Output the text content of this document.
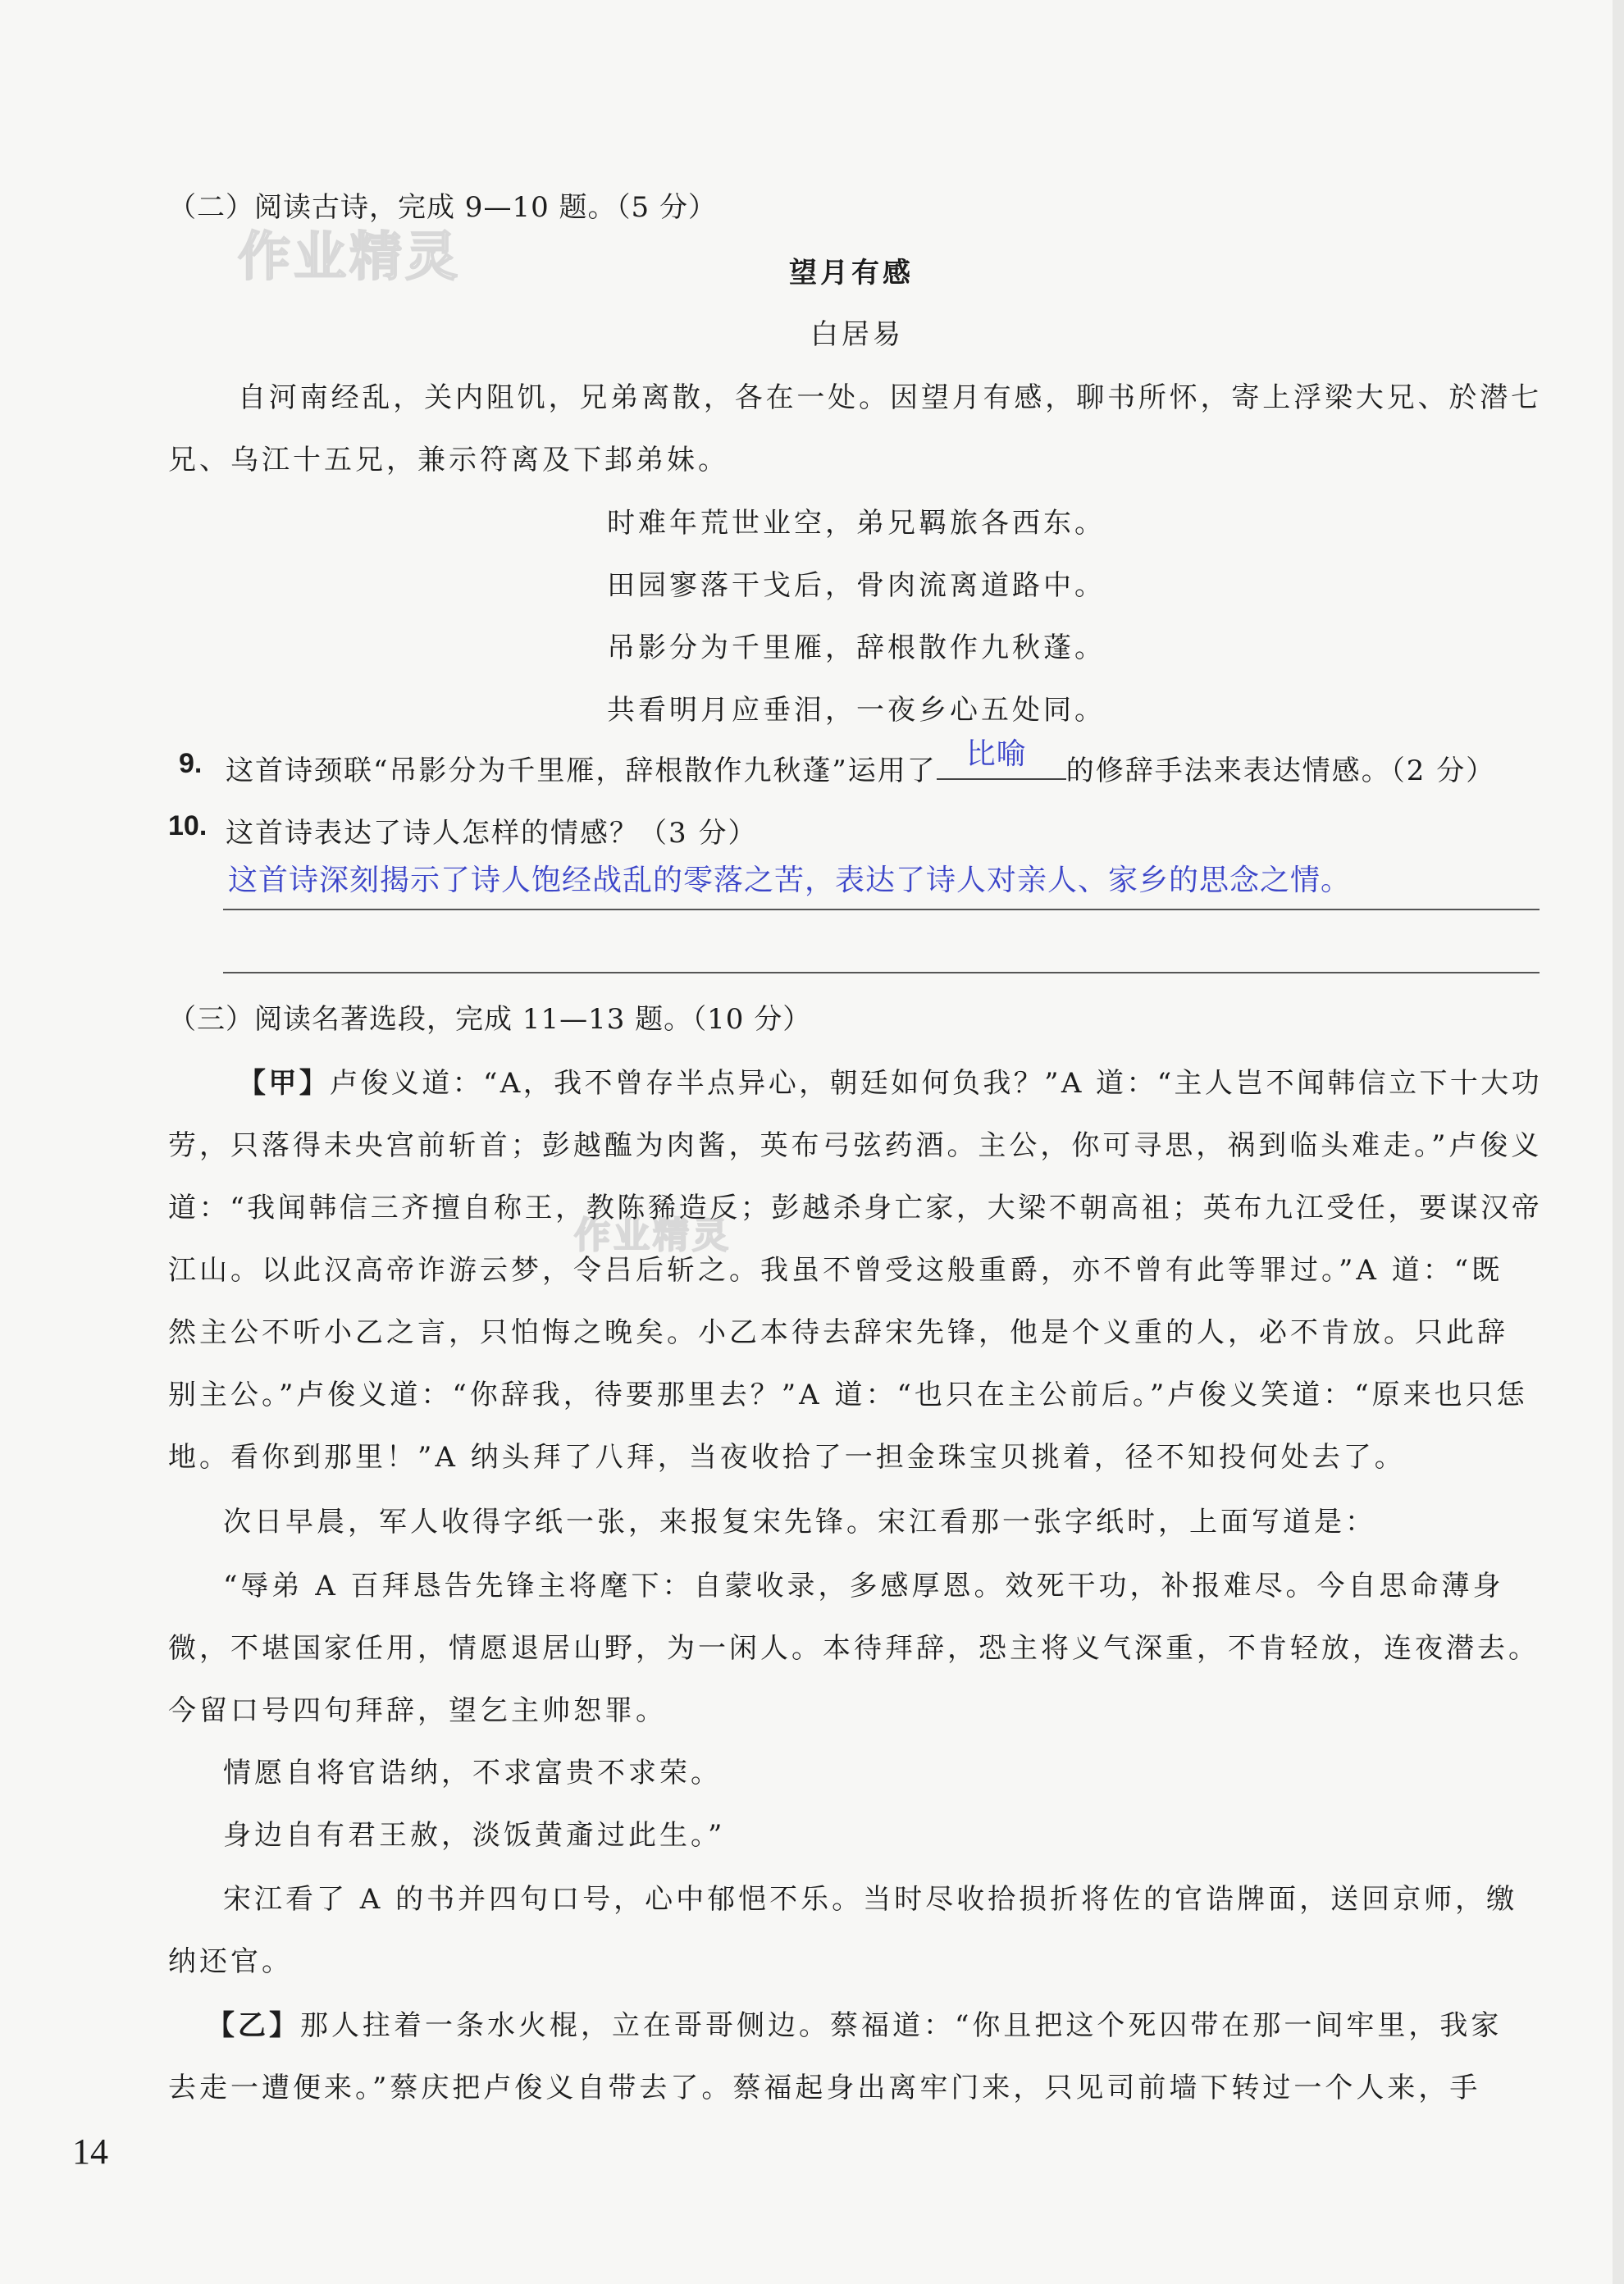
作业精灵
作业精灵
（二）阅读古诗，完成 9—10 题。（5 分）
望月有感
白居易
自河南经乱，关内阻饥，兄弟离散，各在一处。因望月有感，聊书所怀，寄上浮梁大兄、於潜七
兄、乌江十五兄，兼示符离及下邽弟妹。
时难年荒世业空，弟兄羁旅各西东。
田园寥落干戈后，骨肉流离道路中。
吊影分为千里雁，辞根散作九秋蓬。
共看明月应垂泪，一夜乡心五处同。
9. 这首诗颈联“吊影分为千里雁，辞根散作九秋蓬”运用了 比喻 的修辞手法来表达情感。（2 分）
10. 这首诗表达了诗人怎样的情感？（3 分）
这首诗深刻揭示了诗人饱经战乱的零落之苦，表达了诗人对亲人、家乡的思念之情。
（三）阅读名著选段，完成 11—13 题。（10 分）
【甲】卢俊义道：“A，我不曾存半点异心，朝廷如何负我？”A 道：“主人岂不闻韩信立下十大功
劳，只落得未央宫前斩首；彭越醢为肉酱，英布弓弦药酒。主公，你可寻思，祸到临头难走。”卢俊义
道：“我闻韩信三齐擅自称王，教陈豨造反；彭越杀身亡家，大梁不朝高祖；英布九江受任，要谋汉帝
江山。以此汉高帝诈游云梦，令吕后斩之。我虽不曾受这般重爵，亦不曾有此等罪过。”A 道：“既
然主公不听小乙之言，只怕悔之晚矣。小乙本待去辞宋先锋，他是个义重的人，必不肯放。只此辞
别主公。”卢俊义道：“你辞我，待要那里去？”A 道：“也只在主公前后。”卢俊义笑道：“原来也只恁
地。看你到那里！”A 纳头拜了八拜，当夜收拾了一担金珠宝贝挑着，径不知投何处去了。
次日早晨，军人收得字纸一张，来报复宋先锋。宋江看那一张字纸时，上面写道是：
“辱弟 A 百拜恳告先锋主将麾下：自蒙收录，多感厚恩。效死干功，补报难尽。今自思命薄身
微，不堪国家任用，情愿退居山野，为一闲人。本待拜辞，恐主将义气深重，不肯轻放，连夜潜去。
今留口号四句拜辞，望乞主帅恕罪。
情愿自将官诰纳，不求富贵不求荣。
身边自有君王赦，淡饭黄齑过此生。”
宋江看了 A 的书并四句口号，心中郁悒不乐。当时尽收拾损折将佐的官诰牌面，送回京师，缴
纳还官。
【乙】那人拄着一条水火棍，立在哥哥侧边。蔡福道：“你且把这个死囚带在那一间牢里，我家
去走一遭便来。”蔡庆把卢俊义自带去了。蔡福起身出离牢门来，只见司前墙下转过一个人来，手
14
